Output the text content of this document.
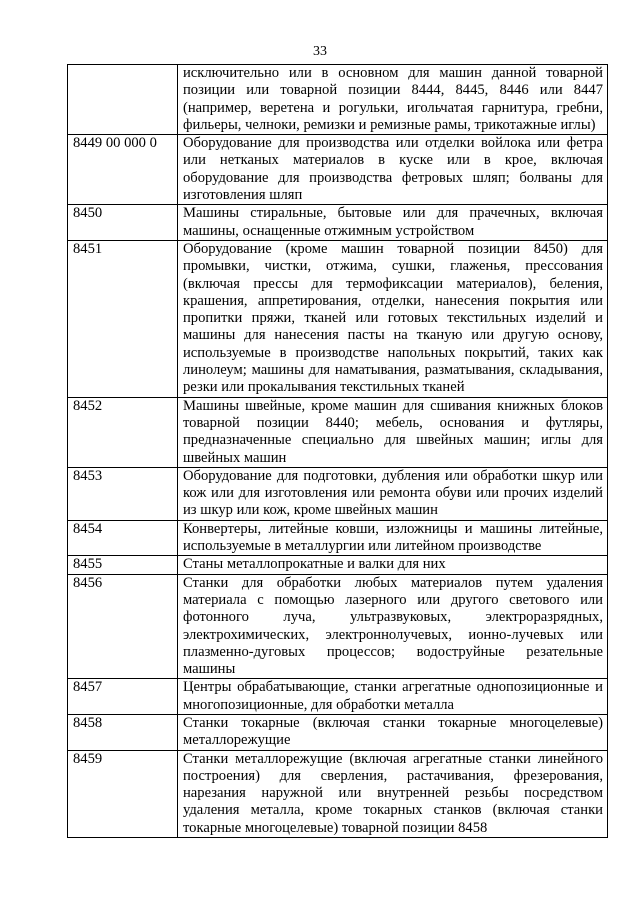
33
	исключительно или в основном для машин данной товарной позиции или товарной позиции 8444, 8445, 8446 или 8447 (например, веретена и рогульки, игольчатая гарнитура, гребни, фильеры, челноки, ремизки и ремизные рамы, трикотажные иглы)
8449 00 000 0	Оборудование для производства или отделки войлока или фетра или нетканых материалов в куске или в крое, включая оборудование для производства фетровых шляп; болваны для изготовления шляп
8450	Машины стиральные, бытовые или для прачечных, включая машины, оснащенные отжимным устройством
8451	Оборудование (кроме машин товарной позиции 8450) для промывки, чистки, отжима, сушки, глаженья, прессования (включая прессы для термофиксации материалов), беления, крашения, аппретирования, отделки, нанесения покрытия или пропитки пряжи, тканей или готовых текстильных изделий и машины для нанесения пасты на тканую или другую основу, используемые в производстве напольных покрытий, таких как линолеум; машины для наматывания, разматывания, складывания, резки или прокалывания текстильных тканей
8452	Машины швейные, кроме машин для сшивания книжных блоков товарной позиции 8440; мебель, основания и футляры, предназначенные специально для швейных машин; иглы для швейных машин
8453	Оборудование для подготовки, дубления или обработки шкур или кож или для изготовления или ремонта обуви или прочих изделий из шкур или кож, кроме швейных машин
8454	Конвертеры, литейные ковши, изложницы и машины литейные, используемые в металлургии или литейном производстве
8455	Станы металлопрокатные и валки для них
8456	Станки для обработки любых материалов путем удаления материала с помощью лазерного или другого светового или фотонного луча, ультразвуковых, электроразрядных, электрохимических, электроннолучевых, ионно-лучевых или плазменно-дуговых процессов; водоструйные резательные машины
8457	Центры обрабатывающие, станки агрегатные однопозиционные и многопозиционные, для обработки металла
8458	Станки токарные (включая станки токарные многоцелевые) металлорежущие
8459	Станки металлорежущие (включая агрегатные станки линейного построения) для сверления, растачивания, фрезерования, нарезания наружной или внутренней резьбы посредством удаления металла, кроме токарных станков (включая станки токарные многоцелевые) товарной позиции 8458
